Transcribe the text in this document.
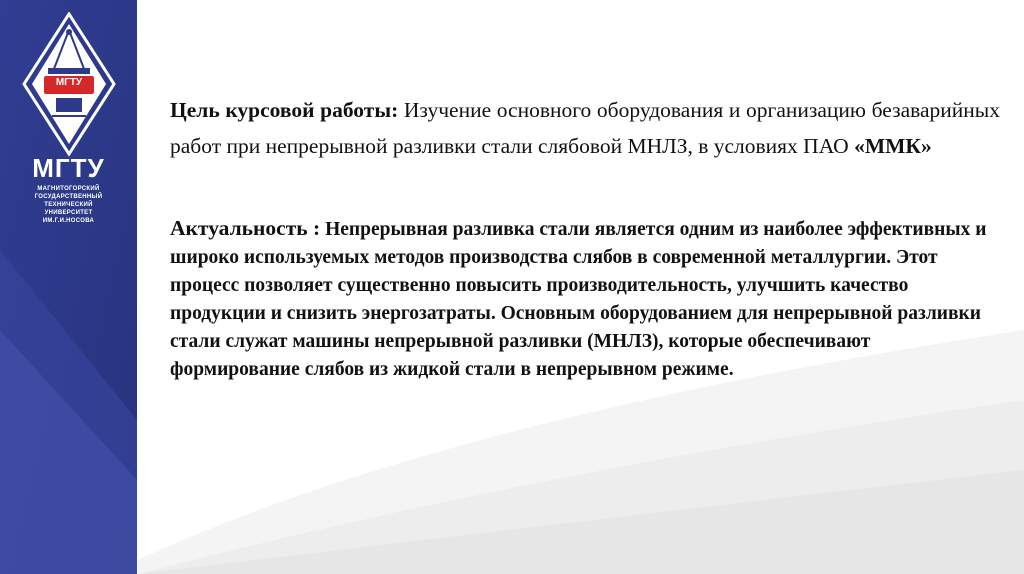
МГТУ
МГТУ
МАГНИТОГОРСКИЙ
ГОСУДАРСТВЕННЫЙ
ТЕХНИЧЕСКИЙ
УНИВЕРСИТЕТ
ИМ.Г.И.НОСОВА
Цель курсовой работы: Изучение основного оборудования и организацию безаварийных работ при непрерывной разливки стали слябовой МНЛЗ, в условиях ПАО «ММК»
Актуальность : Непрерывная разливка стали является одним из наиболее эффективных и широко используемых методов производства слябов в современной металлургии. Этот процесс позволяет существенно повысить производительность, улучшить качество продукции и снизить энергозатраты. Основным оборудованием для непрерывной разливки стали служат машины непрерывной разливки (МНЛЗ), которые обеспечивают формирование слябов из жидкой стали в непрерывном режиме.
